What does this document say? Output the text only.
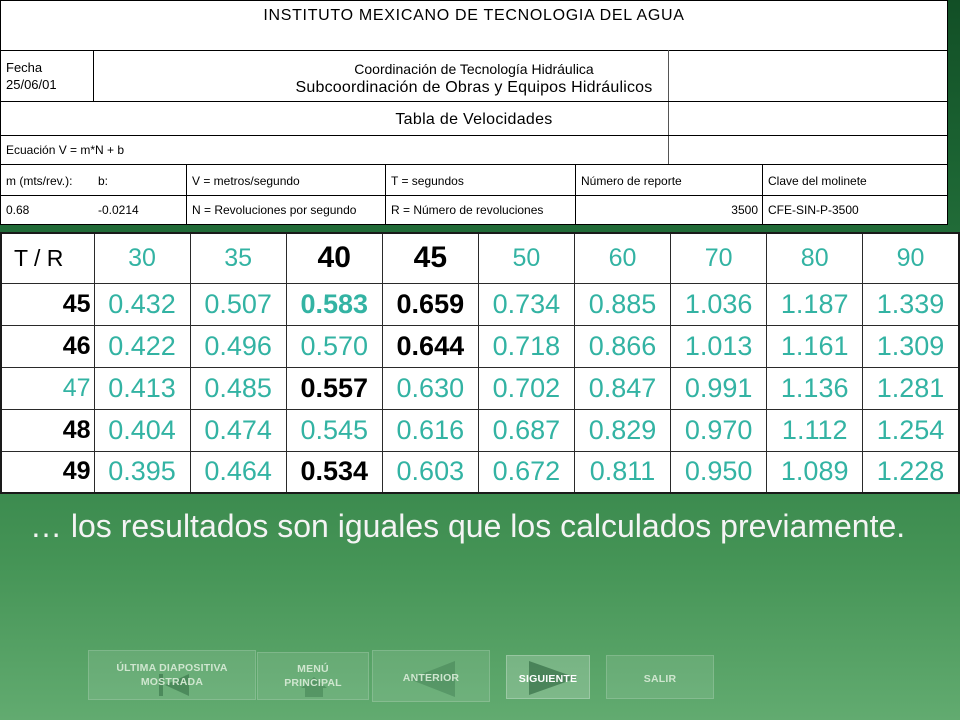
INSTITUTO MEXICANO DE TECNOLOGIA DEL AGUA
Fecha
25/06/01
Coordinación de Tecnología Hidráulica
Subcoordinación de Obras y Equipos Hidráulicos
Tabla de Velocidades
Ecuación V = m*N + b
m (mts/rev.): b:	V = metros/segundo	T = segundos	Número de reporte	Clave del molinete
0.68	-0.0214	N = Revoluciones por segundo	R = Número de revoluciones	3500 CFE-SIN-P-3500
T / R	30	35	40	45	50	60	70	80	90
45	0.432	0.507	0.583	0.659	0.734	0.885	1.036	1.187	1.339
46	0.422	0.496	0.570	0.644	0.718	0.866	1.013	1.161	1.309
47	0.413	0.485	0.557	0.630	0.702	0.847	0.991	1.136	1.281
48	0.404	0.474	0.545	0.616	0.687	0.829	0.970	1.112	1.254
49	0.395	0.464	0.534	0.603	0.672	0.811	0.950	1.089	1.228
… los resultados son iguales que los calculados previamente.
ÚLTIMA DIAPOSITIVA
MOSTRADA
MENÚ
PRINCIPAL	ANTERIOR	SIGUIENTE	SALIR
